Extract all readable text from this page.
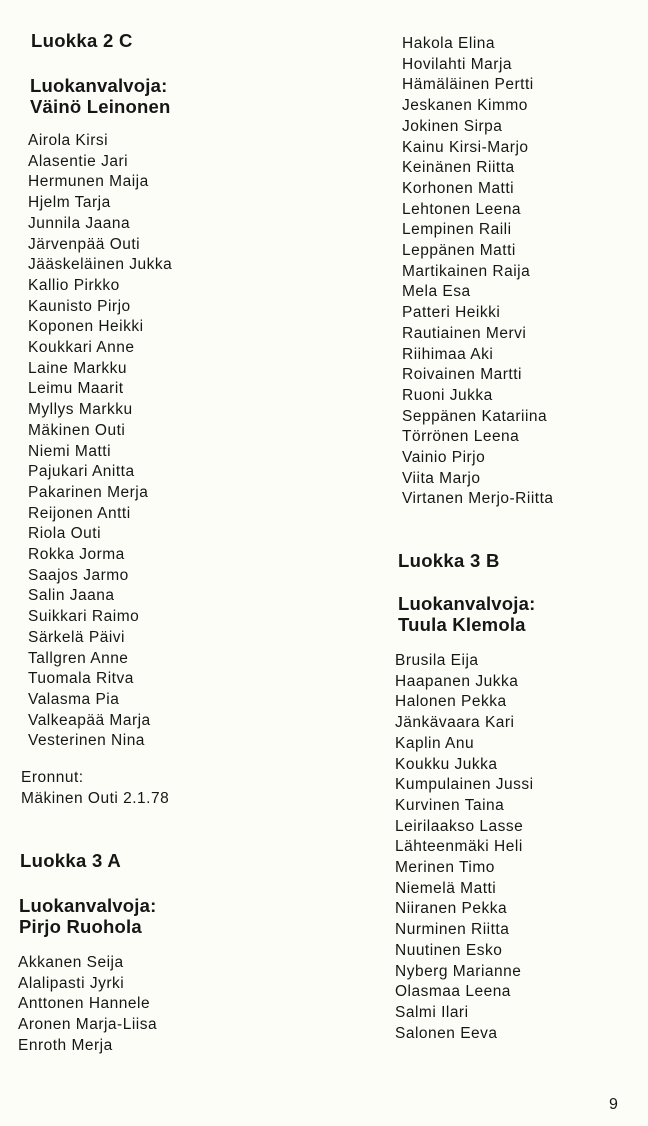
Luokka 2 C
Luokanvalvoja:
Väinö Leinonen
Airola Kirsi
Alasentie Jari
Hermunen Maija
Hjelm Tarja
Junnila Jaana
Järvenpää Outi
Jääskeläinen Jukka
Kallio Pirkko
Kaunisto Pirjo
Koponen Heikki
Koukkari Anne
Laine Markku
Leimu Maarit
Myllys Markku
Mäkinen Outi
Niemi Matti
Pajukari Anitta
Pakarinen Merja
Reijonen Antti
Riola Outi
Rokka Jorma
Saajos Jarmo
Salin Jaana
Suikkari Raimo
Särkelä Päivi
Tallgren Anne
Tuomala Ritva
Valasma Pia
Valkeapää Marja
Vesterinen Nina
Eronnut:
Mäkinen Outi 2.1.78
Luokka 3 A
Luokanvalvoja:
Pirjo Ruohola
Akkanen Seija
Alalipasti Jyrki
Anttonen Hannele
Aronen Marja-Liisa
Enroth Merja
Hakola Elina
Hovilahti Marja
Hämäläinen Pertti
Jeskanen Kimmo
Jokinen Sirpa
Kainu Kirsi-Marjo
Keinänen Riitta
Korhonen Matti
Lehtonen Leena
Lempinen Raili
Leppänen Matti
Martikainen Raija
Mela Esa
Patteri Heikki
Rautiainen Mervi
Riihimaa Aki
Roivainen Martti
Ruoni Jukka
Seppänen Katariina
Törrönen Leena
Vainio Pirjo
Viita Marjo
Virtanen Merjo-Riitta
Luokka 3 B
Luokanvalvoja:
Tuula Klemola
Brusila Eija
Haapanen Jukka
Halonen Pekka
Jänkävaara Kari
Kaplin Anu
Koukku Jukka
Kumpulainen Jussi
Kurvinen Taina
Leirilaakso Lasse
Lähteenmäki Heli
Merinen Timo
Niemelä Matti
Niiranen Pekka
Nurminen Riitta
Nuutinen Esko
Nyberg Marianne
Olasmaa Leena
Salmi Ilari
Salonen Eeva
9
